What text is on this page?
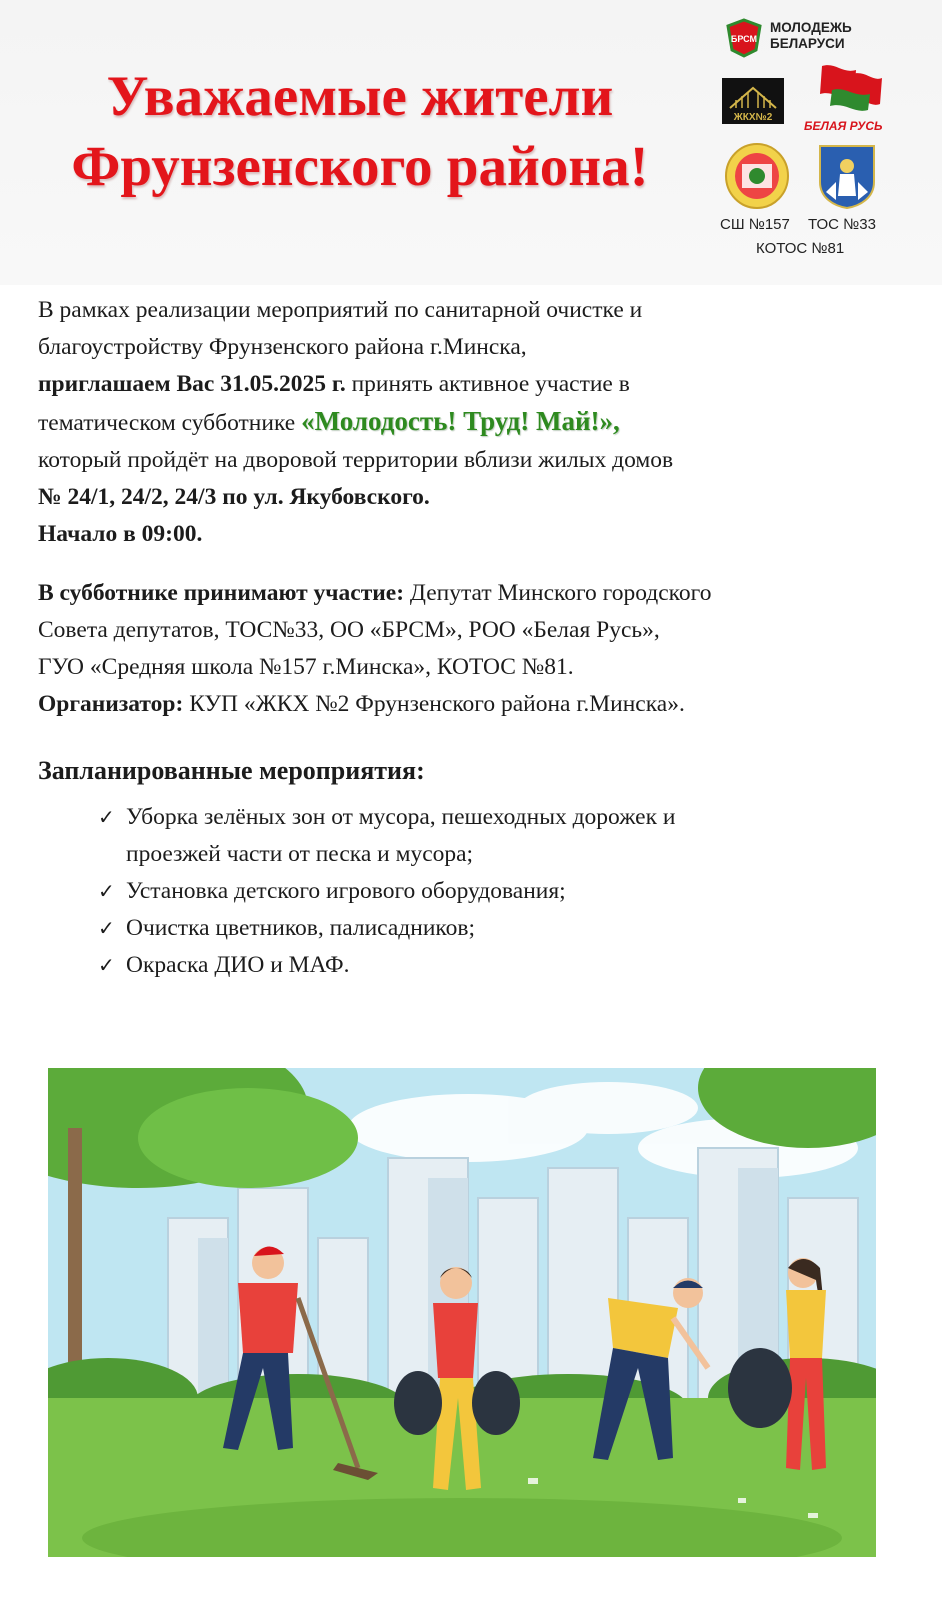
Уважаемые жители
Фрунзенского района!
БРСМ
МОЛОДЕЖЬ
БЕЛАРУСИ
ЖКХ№2
БЕЛАЯ РУСЬ
СШ №157 ТОС №33
КОТОС №81

В рамках реализации мероприятий по санитарной очистке и

благоустройству Фрунзенского района г.Минска,

приглашаем Вас 31.05.2025 г. принять активное участие в

тематическом субботнике «Молодость! Труд! Май!»,

который пройдёт на дворовой территории вблизи жилых домов

№ 24/1, 24/2, 24/3 по ул. Якубовского.

Начало в 09:00.

В субботнике принимают участие: Депутат Минского городского

Совета депутатов, ТОС№33, ОО «БРСМ», РОО «Белая Русь»,

ГУО «Средняя школа №157 г.Минска», КОТОС №81.

Организатор: КУП «ЖКХ №2 Фрунзенского района г.Минска».

Запланированные мероприятия:

✓ Уборка зелёных зон от мусора, пешеходных дорожек и
проезжей части от песка и мусора;
✓ Установка детского игрового оборудования;
✓ Очистка цветников, палисадников;
✓ Окраска ДИО и МАФ.
